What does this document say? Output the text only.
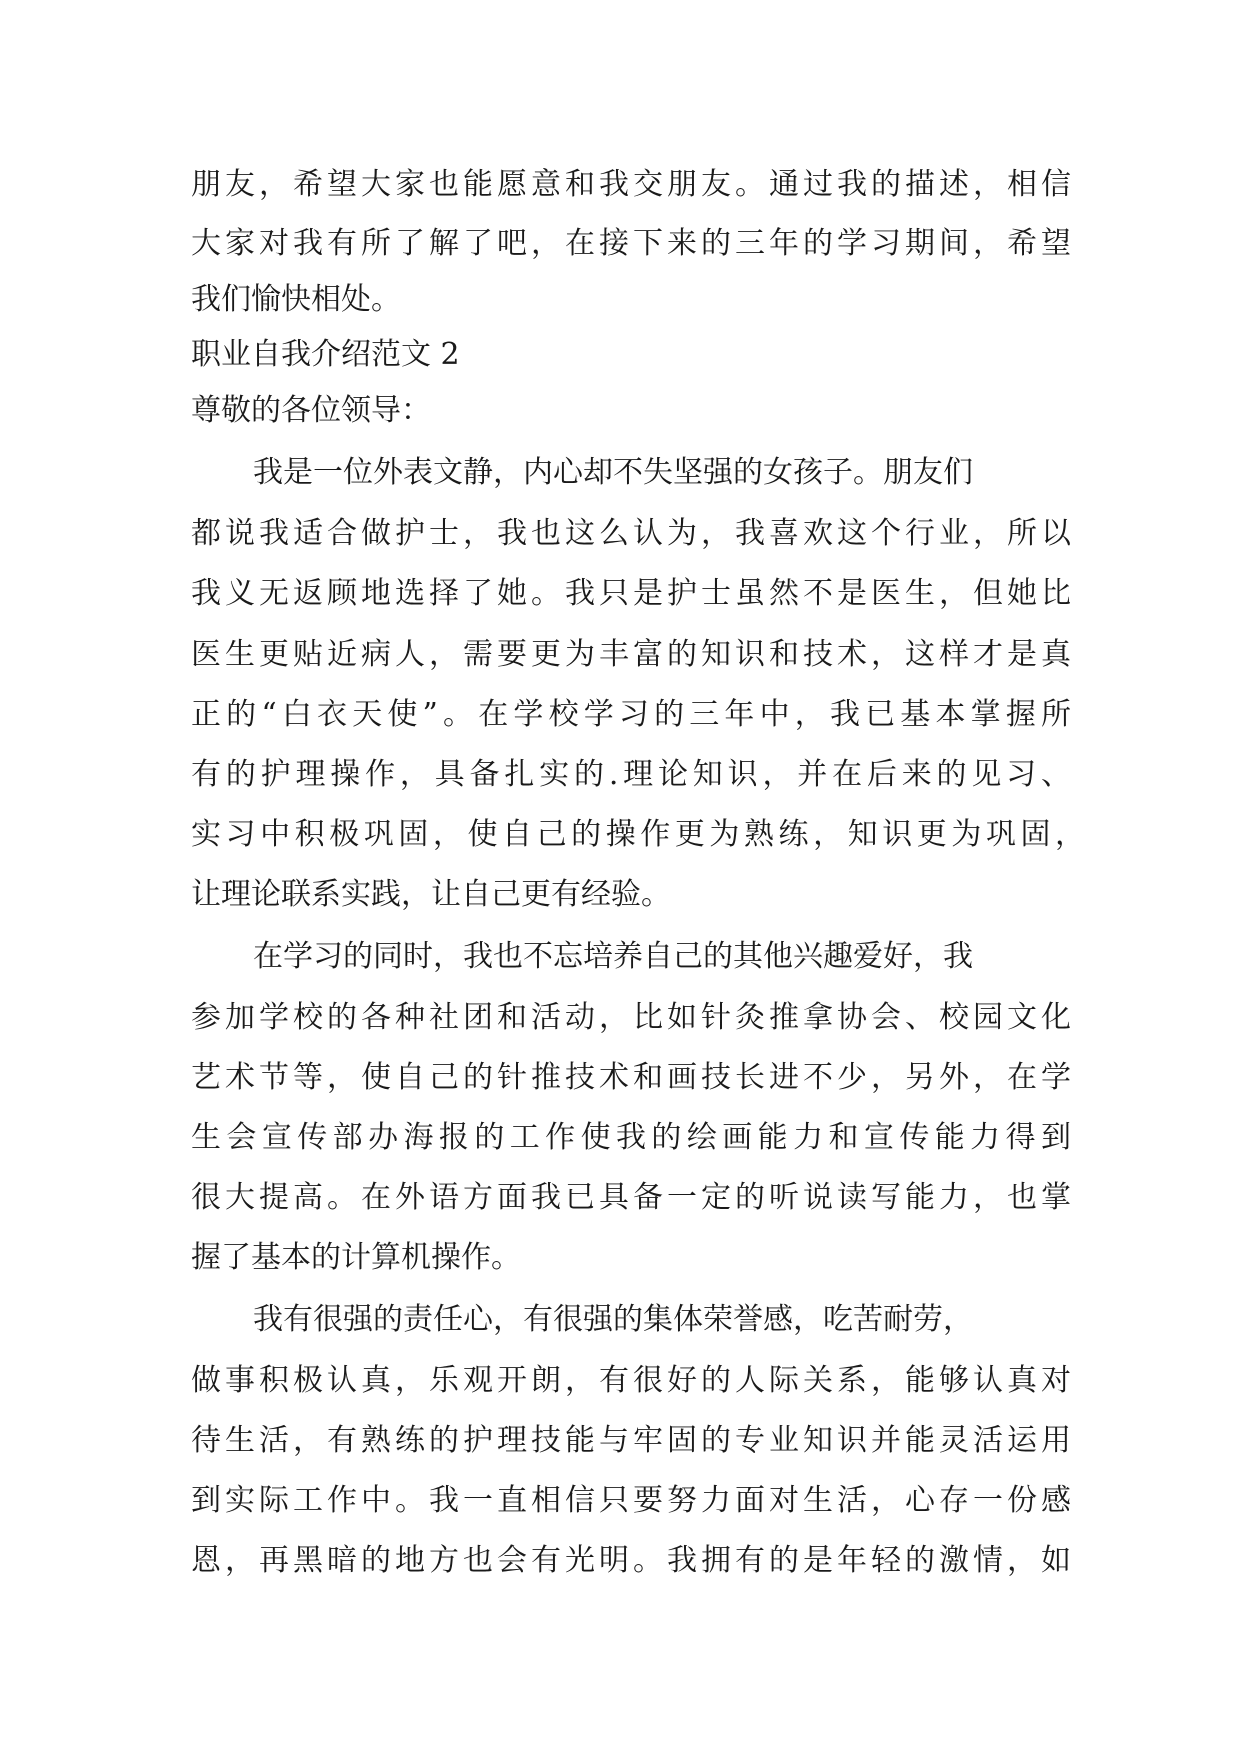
朋友，希望大家也能愿意和我交朋友。通过我的描述，相信
大家对我有所了解了吧，在接下来的三年的学习期间，希望
我们愉快相处。
职业自我介绍范文 2
尊敬的各位领导：
我是一位外表文静，内心却不失坚强的女孩子。朋友们
都说我适合做护士，我也这么认为，我喜欢这个行业，所以
我义无返顾地选择了她。我只是护士虽然不是医生，但她比
医生更贴近病人，需要更为丰富的知识和技术，这样才是真
正的“白衣天使”。在学校学习的三年中，我已基本掌握所
有的护理操作，具备扎实的.理论知识，并在后来的见习、
实习中积极巩固，使自己的操作更为熟练，知识更为巩固，
让理论联系实践，让自己更有经验。
在学习的同时，我也不忘培养自己的其他兴趣爱好，我
参加学校的各种社团和活动，比如针灸推拿协会、校园文化
艺术节等，使自己的针推技术和画技长进不少，另外，在学
生会宣传部办海报的工作使我的绘画能力和宣传能力得到
很大提高。在外语方面我已具备一定的听说读写能力，也掌
握了基本的计算机操作。
我有很强的责任心，有很强的集体荣誉感，吃苦耐劳，
做事积极认真，乐观开朗，有很好的人际关系，能够认真对
待生活，有熟练的护理技能与牢固的专业知识并能灵活运用
到实际工作中。我一直相信只要努力面对生活，心存一份感
恩，再黑暗的地方也会有光明。我拥有的是年轻的激情，如
